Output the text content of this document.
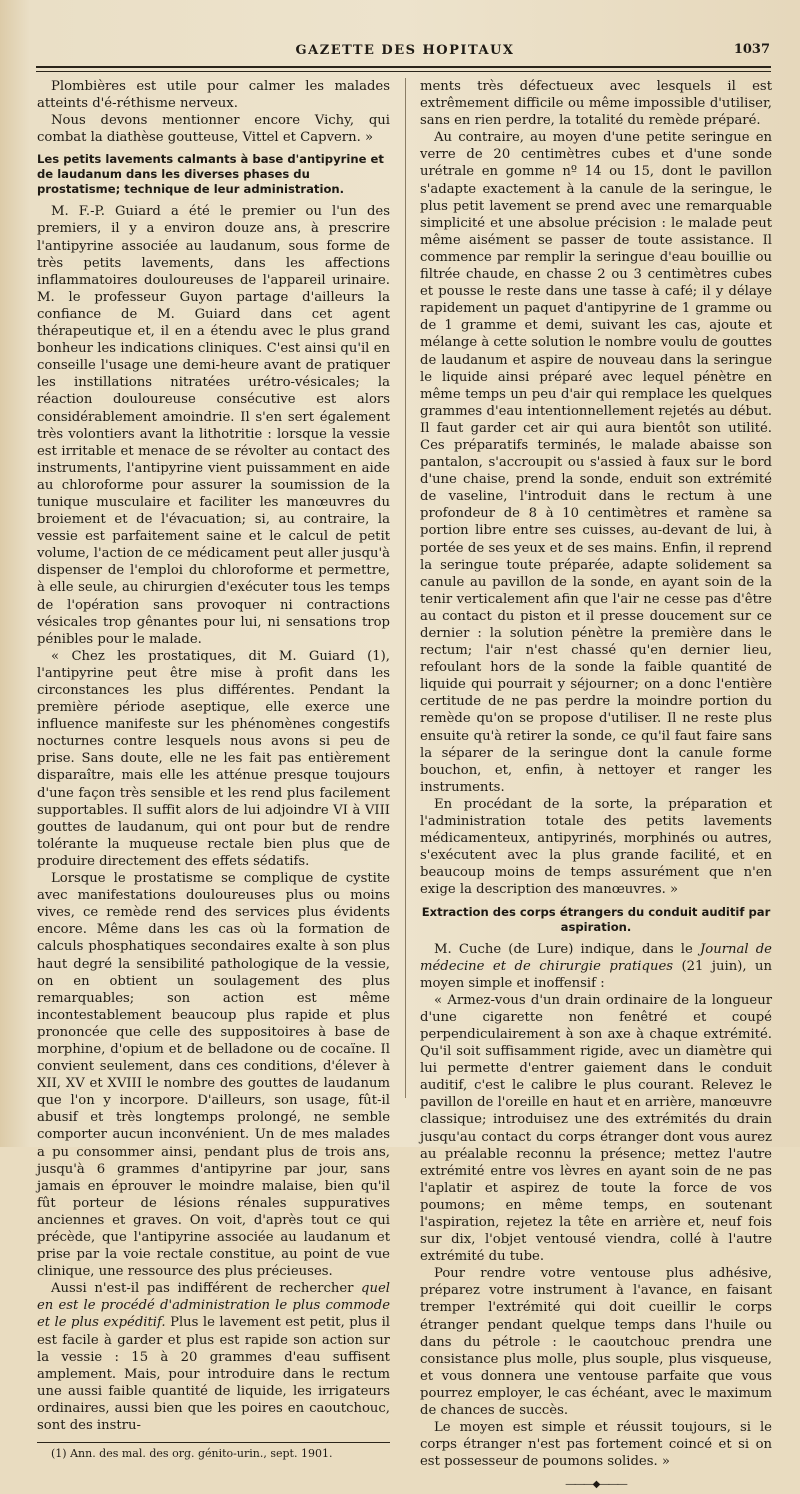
GAZETTE DES HOPITAUX	1037

Plombières est utile pour calmer les malades atteints d'é-réthisme nerveux.

Nous devons mentionner encore Vichy, qui combat la diathèse goutteuse, Vittel et Capvern. »

Les petits lavements calmants à base d'antipyrine et de laudanum dans les diverses phases du prostatisme; technique de leur administration.

M. F.-P. Guiard a été le premier ou l'un des premiers, il y a environ douze ans, à prescrire l'antipyrine associée au laudanum, sous forme de très petits lavements, dans les affections inflammatoires douloureuses de l'appareil urinaire. M. le professeur Guyon partage d'ailleurs la confiance de M. Guiard dans cet agent thérapeutique et, il en a étendu avec le plus grand bonheur les indications cliniques. C'est ainsi qu'il en conseille l'usage une demi-heure avant de pratiquer les instillations nitratées urétro-vésicales; la réaction douloureuse consécutive est alors considérablement amoindrie. Il s'en sert également très volontiers avant la lithotritie : lorsque la vessie est irritable et menace de se révolter au contact des instruments, l'antipyrine vient puissamment en aide au chloroforme pour assurer la soumission de la tunique musculaire et faciliter les manœuvres du broiement et de l'évacuation; si, au contraire, la vessie est parfaitement saine et le calcul de petit volume, l'action de ce médicament peut aller jusqu'à dispenser de l'emploi du chloroforme et permettre, à elle seule, au chirurgien d'exécuter tous les temps de l'opération sans provoquer ni contractions vésicales trop gênantes pour lui, ni sensations trop pénibles pour le malade.

« Chez les prostatiques, dit M. Guiard (1), l'antipyrine peut être mise à profit dans les circonstances les plus différentes. Pendant la première période aseptique, elle exerce une influence manifeste sur les phénomènes congestifs nocturnes contre lesquels nous avons si peu de prise. Sans doute, elle ne les fait pas entièrement disparaître, mais elle les atténue presque toujours d'une façon très sensible et les rend plus facilement supportables. Il suffit alors de lui adjoindre VI à VIII gouttes de laudanum, qui ont pour but de rendre tolérante la muqueuse rectale bien plus que de produire directement des effets sédatifs.

Lorsque le prostatisme se complique de cystite avec manifestations douloureuses plus ou moins vives, ce remède rend des services plus évidents encore. Même dans les cas où la formation de calculs phosphatiques secondaires exalte à son plus haut degré la sensibilité pathologique de la vessie, on en obtient un soulagement des plus remarquables; son action est même incontestablement beaucoup plus rapide et plus prononcée que celle des suppositoires à base de morphine, d'opium et de belladone ou de cocaïne. Il convient seulement, dans ces conditions, d'élever à XII, XV et XVIII le nombre des gouttes de laudanum que l'on y incorpore. D'ailleurs, son usage, fût-il abusif et très longtemps prolongé, ne semble comporter aucun inconvénient. Un de mes malades a pu consommer ainsi, pendant plus de trois ans, jusqu'à 6 grammes d'antipyrine par jour, sans jamais en éprouver le moindre malaise, bien qu'il fût porteur de lésions rénales suppuratives anciennes et graves. On voit, d'après tout ce qui précède, que l'antipyrine associée au laudanum et prise par la voie rectale constitue, au point de vue clinique, une ressource des plus précieuses.

Aussi n'est-il pas indifférent de rechercher quel en est le procédé d'administration le plus commode et le plus expéditif. Plus le lavement est petit, plus il est facile à garder et plus est rapide son action sur la vessie : 15 à 20 grammes d'eau suffisent amplement. Mais, pour introduire dans le rectum une aussi faible quantité de liquide, les irrigateurs ordinaires, aussi bien que les poires en caoutchouc, sont des instru-

(1) Ann. des mal. des org. génito-urin., sept. 1901.

ments très défectueux avec lesquels il est extrêmement difficile ou même impossible d'utiliser, sans en rien perdre, la totalité du remède préparé.

Au contraire, au moyen d'une petite seringue en verre de 20 centimètres cubes et d'une sonde urétrale en gomme nº 14 ou 15, dont le pavillon s'adapte exactement à la canule de la seringue, le plus petit lavement se prend avec une remarquable simplicité et une absolue précision : le malade peut même aisément se passer de toute assistance. Il commence par remplir la seringue d'eau bouillie ou filtrée chaude, en chasse 2 ou 3 centimètres cubes et pousse le reste dans une tasse à café; il y délaye rapidement un paquet d'antipyrine de 1 gramme ou de 1 gramme et demi, suivant les cas, ajoute et mélange à cette solution le nombre voulu de gouttes de laudanum et aspire de nouveau dans la seringue le liquide ainsi préparé avec lequel pénètre en même temps un peu d'air qui remplace les quelques grammes d'eau intentionnellement rejetés au début. Il faut garder cet air qui aura bientôt son utilité. Ces préparatifs terminés, le malade abaisse son pantalon, s'accroupit ou s'assied à faux sur le bord d'une chaise, prend la sonde, enduit son extrémité de vaseline, l'introduit dans le rectum à une profondeur de 8 à 10 centimètres et ramène sa portion libre entre ses cuisses, au-devant de lui, à portée de ses yeux et de ses mains. Enfin, il reprend la seringue toute préparée, adapte solidement sa canule au pavillon de la sonde, en ayant soin de la tenir verticalement afin que l'air ne cesse pas d'être au contact du piston et il presse doucement sur ce dernier : la solution pénètre la première dans le rectum; l'air n'est chassé qu'en dernier lieu, refoulant hors de la sonde la faible quantité de liquide qui pourrait y séjourner; on a donc l'entière certitude de ne pas perdre la moindre portion du remède qu'on se propose d'utiliser. Il ne reste plus ensuite qu'à retirer la sonde, ce qu'il faut faire sans la séparer de la seringue dont la canule forme bouchon, et, enfin, à nettoyer et ranger les instruments.

En procédant de la sorte, la préparation et l'administration totale des petits lavements médicamenteux, antipyrinés, morphinés ou autres, s'exécutent avec la plus grande facilité, et en beaucoup moins de temps assurément que n'en exige la description des manœuvres. »

Extraction des corps étrangers du conduit auditif par aspiration.

M. Cuche (de Lure) indique, dans le Journal de médecine et de chirurgie pratiques (21 juin), un moyen simple et inoffensif :

« Armez-vous d'un drain ordinaire de la longueur d'une cigarette non fenêtré et coupé perpendiculairement à son axe à chaque extrémité. Qu'il soit suffisamment rigide, avec un diamètre qui lui permette d'entrer gaiement dans le conduit auditif, c'est le calibre le plus courant. Relevez le pavillon de l'oreille en haut et en arrière, manœuvre classique; introduisez une des extrémités du drain jusqu'au contact du corps étranger dont vous aurez au préalable reconnu la présence; mettez l'autre extrémité entre vos lèvres en ayant soin de ne pas l'aplatir et aspirez de toute la force de vos poumons; en même temps, en soutenant l'aspiration, rejetez la tête en arrière et, neuf fois sur dix, l'objet ventousé viendra, collé à l'autre extrémité du tube.

Pour rendre votre ventouse plus adhésive, préparez votre instrument à l'avance, en faisant tremper l'extrémité qui doit cueillir le corps étranger pendant quelque temps dans l'huile ou dans du pétrole : le caoutchouc prendra une consistance plus molle, plus souple, plus visqueuse, et vous donnera une ventouse parfaite que vous pourrez employer, le cas échéant, avec le maximum de chances de succès.

Le moyen est simple et réussit toujours, si le corps étranger n'est pas fortement coincé et si on est possesseur de poumons solides. »

―――◆―――
